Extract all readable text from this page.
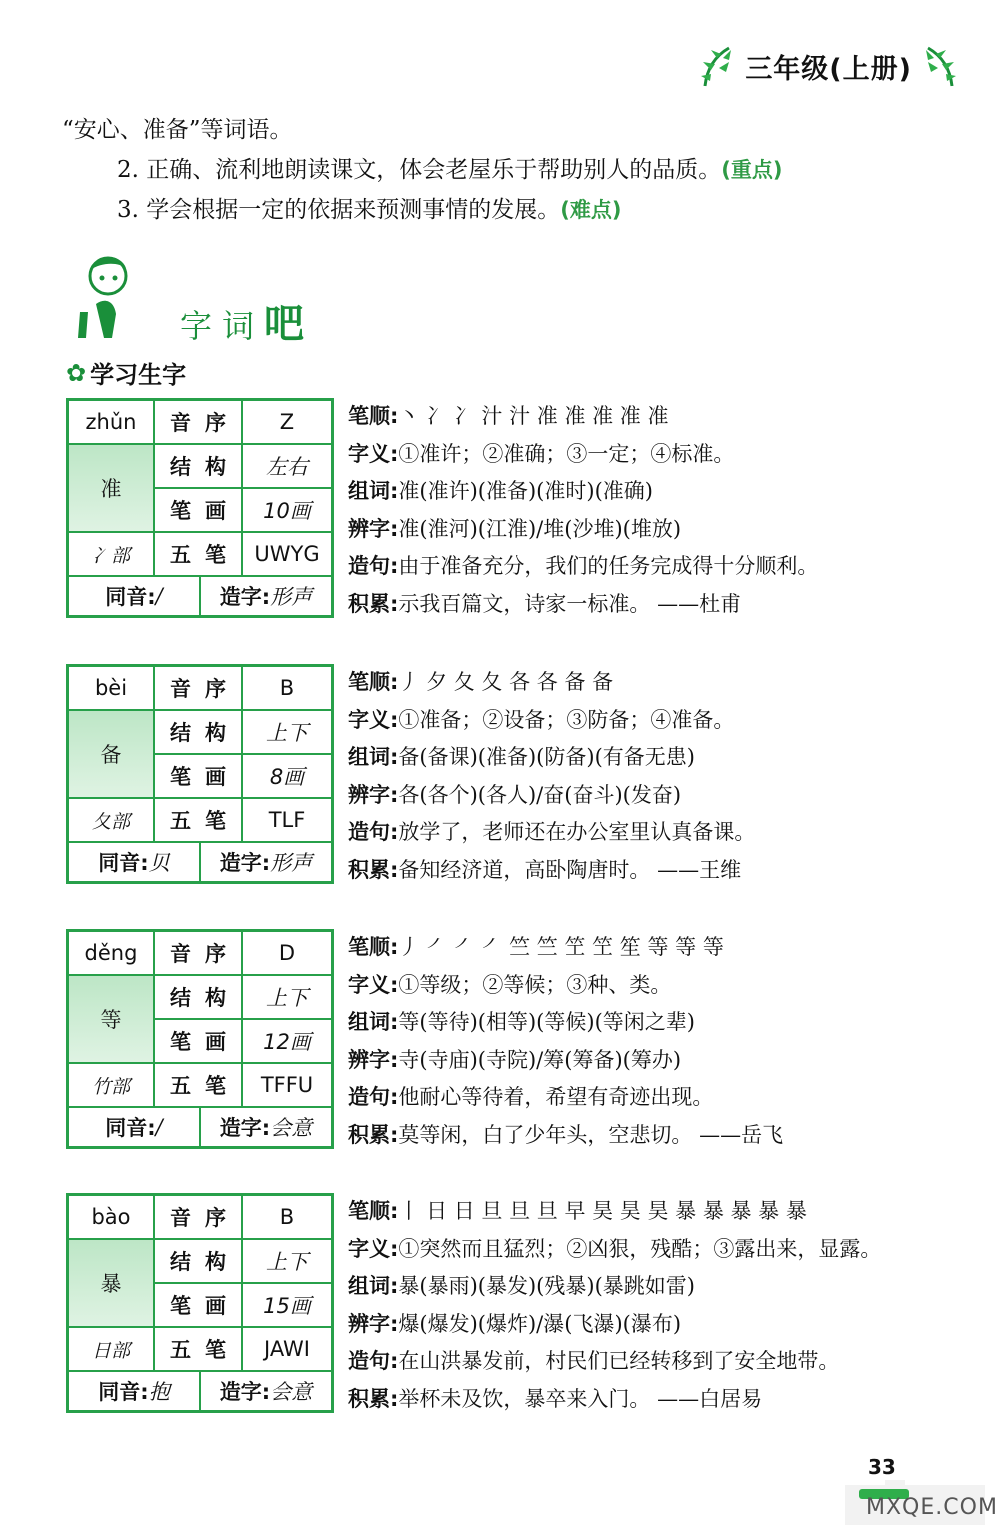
三年级(上册)

“安心、准备”等词语。

2. 正确、流利地朗读课文，体会老屋乐于帮助别人的品质。(重点)

3. 学会根据一定的依据来预测事情的发展。(难点)

字词吧
✿ 学习生字
zhǔn	音序	Z
准
结构	左右
笔画	10画
冫部	五笔 UWYG
同音: /	造字: 形声
笔顺:丶 冫 冫 汁 汁 准 准 准 准 准
字义:①准许；②准确；③一定；④标准。
组词:准(准许)(准备)(准时)(准确)
辨字:准(淮河)(江淮)/堆(沙堆)(堆放)
造句:由于准备充分，我们的任务完成得十分顺利。
积累:示我百篇文，诗家一标准。 ——杜甫
bèi	音序	B
备
结构	上下
笔画	8画
夂部	五笔	TLF
同音: 贝 造字: 形声
笔顺:丿 夕 夂 夂 各 各 备 备
字义:①准备；②设备；③防备；④准备。
组词:备(备课)(准备)(防备)(有备无患)
辨字:各(各个)(各人)/奋(奋斗)(发奋)
造句:放学了，老师还在办公室里认真备课。
积累:备知经济道，高卧陶唐时。 ——王维
děng	音序	D
等
结构	上下
笔画	12画
竹部	五笔 TFFU
同音: /	造字: 会意
笔顺:丿 ㇒ ㇒ ㇒ 竺 竺 笁 笁 笙 等 等 等
字义:①等级；②等候；③种、类。
组词:等(等待)(相等)(等候)(等闲之辈)
辨字:寺(寺庙)(寺院)/筹(筹备)(筹办)
造句:他耐心等待着，希望有奇迹出现。
积累:莫等闲，白了少年头，空悲切。 ——岳飞
bào	音序	B
暴
结构	上下
笔画	15画
日部	五笔	JAWI
同音: 抱 造字: 会意
笔顺:丨 日 日 旦 旦 旦 早 昊 昊 昊 暴 暴 暴 暴 暴
字义:①突然而且猛烈；②凶狠，残酷；③露出来，显露。
组词:暴(暴雨)(暴发)(残暴)(暴跳如雷)
辨字:爆(爆发)(爆炸)/瀑(飞瀑)(瀑布)
造句:在山洪暴发前，村民们已经转移到了安全地带。
积累:举杯未及饮，暴卒来入门。 ——白居易
33
MXQE.COM
